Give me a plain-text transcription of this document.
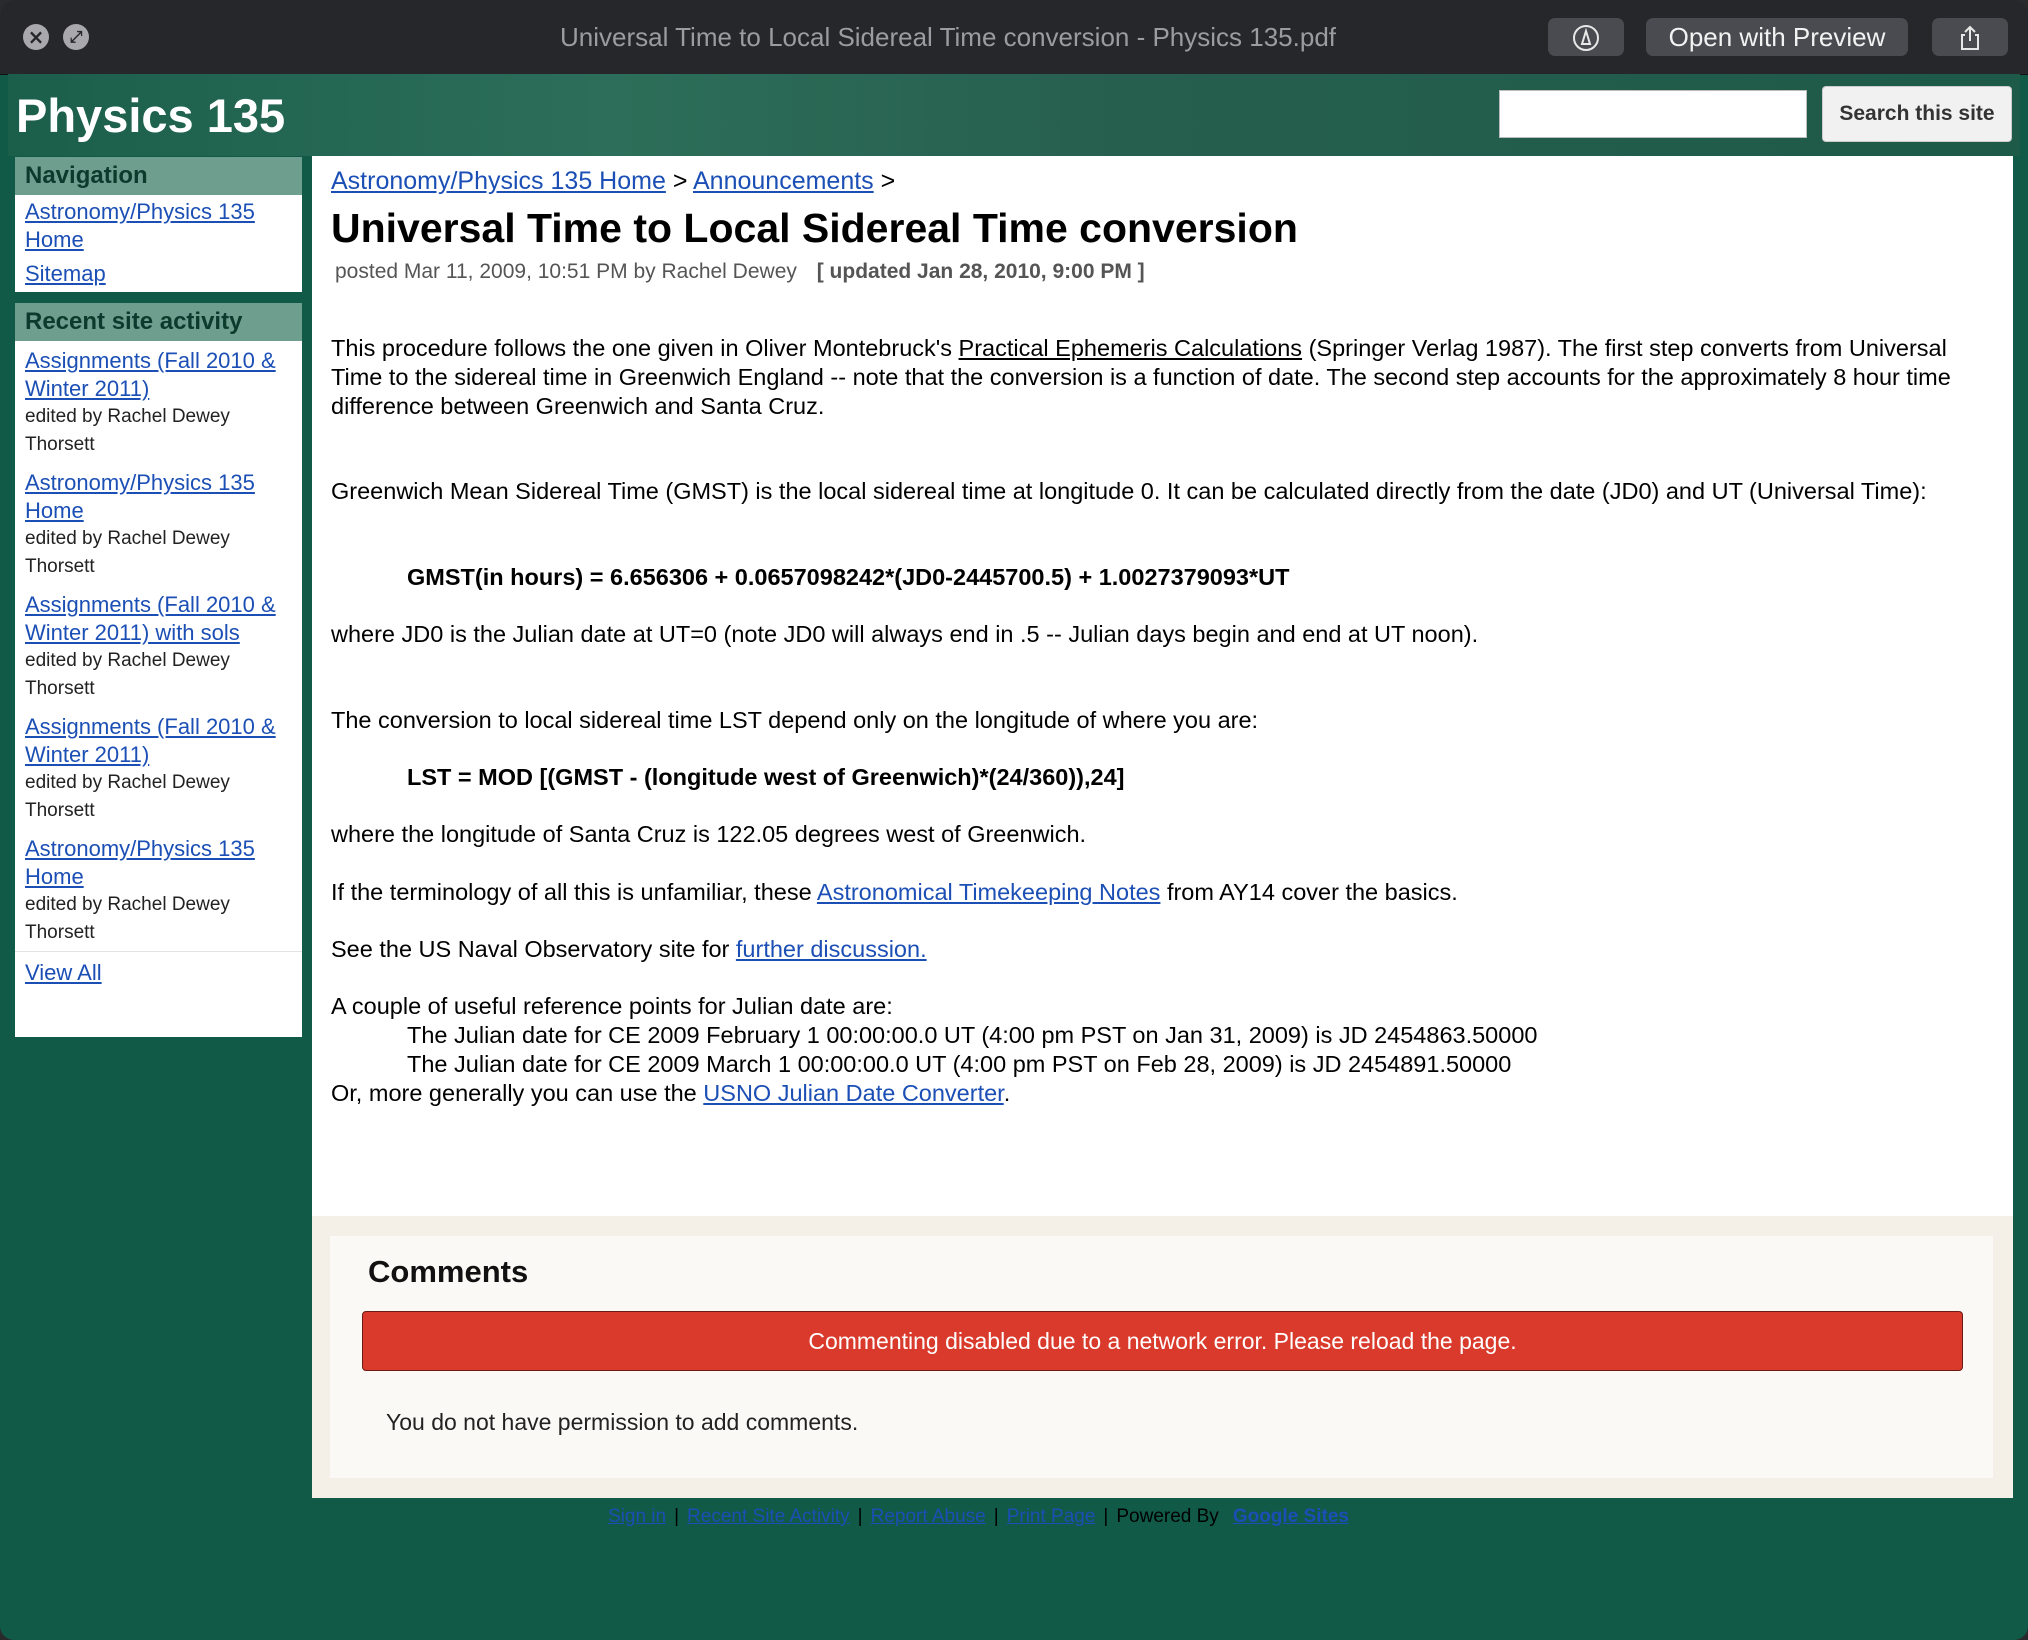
×	⤢	Universal Time to Local Sidereal Time conversion - Physics 135.pdf	Open with Preview
Physics 135	Search this site
Navigation
Astronomy/Physics 135 Home
Sitemap
Recent site activity
Assignments (Fall 2010 & Winter 2011)
edited by Rachel Dewey Thorsett
Astronomy/Physics 135 Home
edited by Rachel Dewey Thorsett
Assignments (Fall 2010 & Winter 2011) with sols
edited by Rachel Dewey Thorsett
Assignments (Fall 2010 & Winter 2011)
edited by Rachel Dewey Thorsett
Astronomy/Physics 135 Home
edited by Rachel Dewey Thorsett
View All
Astronomy/Physics 135 Home > Announcements >
Universal Time to Local Sidereal Time conversion
posted Mar 11, 2009, 10:51 PM by Rachel Dewey [ updated Jan 28, 2010, 9:00 PM ]
This procedure follows the one given in Oliver Montebruck's Practical Ephemeris Calculations (Springer Verlag 1987). The first step converts from Universal Time to the sidereal time in Greenwich England -- note that the conversion is a function of date. The second step accounts for the approximately 8 hour time difference between Greenwich and Santa Cruz.
Greenwich Mean Sidereal Time (GMST) is the local sidereal time at longitude 0. It can be calculated directly from the date (JD0) and UT (Universal Time):
GMST(in hours) = 6.656306 + 0.0657098242*(JD0-2445700.5) + 1.0027379093*UT
where JD0 is the Julian date at UT=0 (note JD0 will always end in .5 -- Julian days begin and end at UT noon).
The conversion to local sidereal time LST depend only on the longitude of where you are:
LST = MOD [(GMST - (longitude west of Greenwich)*(24/360)),24]
where the longitude of Santa Cruz is 122.05 degrees west of Greenwich.
If the terminology of all this is unfamiliar, these Astronomical Timekeeping Notes from AY14 cover the basics.
See the US Naval Observatory site for further discussion.
A couple of useful reference points for Julian date are:
The Julian date for CE 2009 February 1 00:00:00.0 UT (4:00 pm PST on Jan 31, 2009) is JD 2454863.50000
The Julian date for CE 2009 March 1 00:00:00.0 UT (4:00 pm PST on Feb 28, 2009) is JD 2454891.50000
Or, more generally you can use the USNO Julian Date Converter.
Comments
Commenting disabled due to a network error. Please reload the page.
You do not have permission to add comments.
Sign in | Recent Site Activity | Report Abuse | Print Page | Powered By Google Sites
